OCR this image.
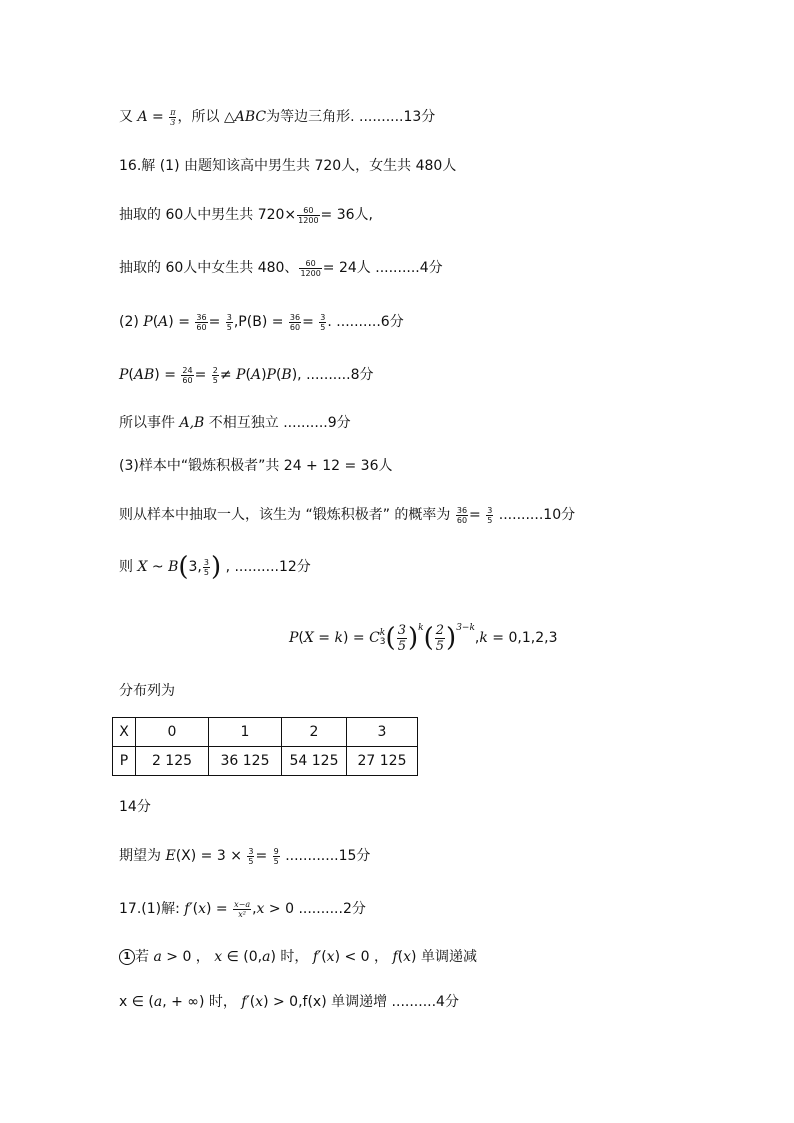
又 $A = \frac{\pi}{3}$ ，所以 △ABC为等边三角形. ..........13分
16.解 (1) 由题知该高中男生共 720人，女生共 480人
抽取的 60人中男生共 $720\times \frac{60}{1200} = 36$人,
抽取的 60人中女生共 480、 $\frac{60}{1200} = 24$人 ..........4分
(2) $P(A) = \frac{36}{60} = \frac{3}{5} ,P(B) = \frac{36}{60} = \frac{3}{5}$ . ..........6分
$P(AB) = \frac{24}{60} = \frac{2}{5} \ne P(A)P(B)$, ..........8分
所以事件 A,B 不相互独立 ..........9分
(3)样本中“锻炼积极者”共 24 + 12 = 36人
则从样本中抽取一人，该生为 “锻炼积极者” 的概率为 $\frac{36}{60} = \frac{3}{5} ..........10$分
则 X ~ B(3, $\frac{3}{5}$ ) , ..........12分
P(X = k) = C k
3 ( $\frac{3}{5} )^k( \frac{2}{5} )^{3-k},k = 0,1,2,3$
分布列为
X	0	1	2	3
P	2 125	36 125	54 125	27 125
14分
期望为 $E(X) = 3 \times \frac{3}{5} = \frac{9}{5} ............15$分
17.(1)解: $f'(x) = \frac{x-a}{\text{x²}} ,x > 0$ ..........2分
1 若 a > 0 ， x ∈ (0,a) 时， f′(x) < 0 ， f(x) 单调递减
x ∈ (a, + ∞) 时， f′(x) > 0,f(x) 单调递增 ..........4分
